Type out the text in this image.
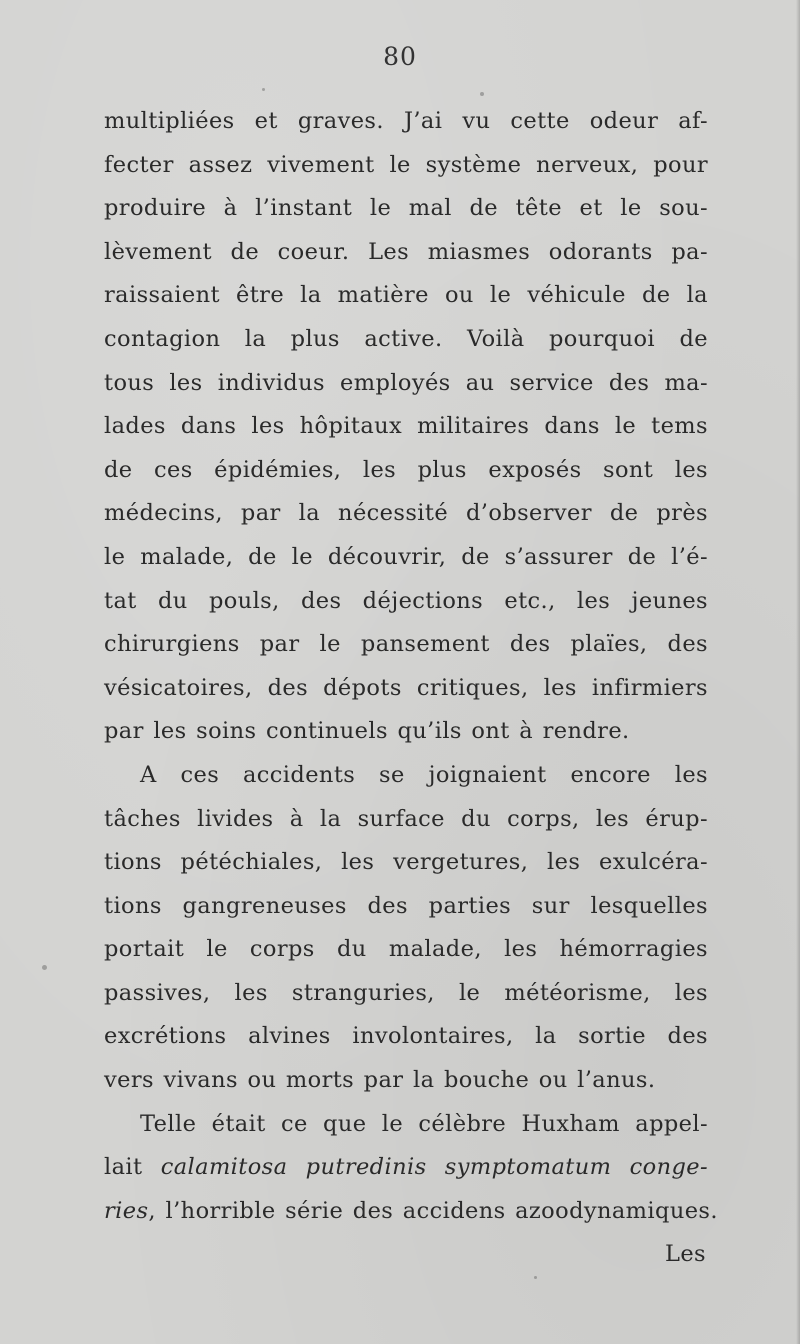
80
multipliées et graves. J’ai vu cette odeur af-
fecter assez vivement le système nerveux, pour
produire à l’instant le mal de tête et le sou-
lèvement de coeur. Les miasmes odorants pa-
raissaient être la matière ou le véhicule de la
contagion la plus active. Voilà pourquoi de
tous les individus employés au service des ma-
lades dans les hôpitaux militaires dans le tems
de ces épidémies, les plus exposés sont les
médecins, par la nécessité d’observer de près
le malade, de le découvrir, de s’assurer de l’é-
tat du pouls, des déjections etc., les jeunes
chirurgiens par le pansement des plaïes, des
vésicatoires, des dépots critiques, les infirmiers
par les soins continuels qu’ils ont à rendre.
A ces accidents se joignaient encore les
tâches livides à la surface du corps, les érup-
tions pétéchiales, les vergetures, les exulcéra-
tions gangreneuses des parties sur lesquelles
portait le corps du malade, les hémorragies
passives, les stranguries, le météorisme, les
excrétions alvines involontaires, la sortie des
vers vivans ou morts par la bouche ou l’anus.
Telle était ce que le célèbre Huxham appel-
lait calamitosa putredinis symptomatum conge-
ries, l’horrible série des accidens azoodynamiques.
Les
